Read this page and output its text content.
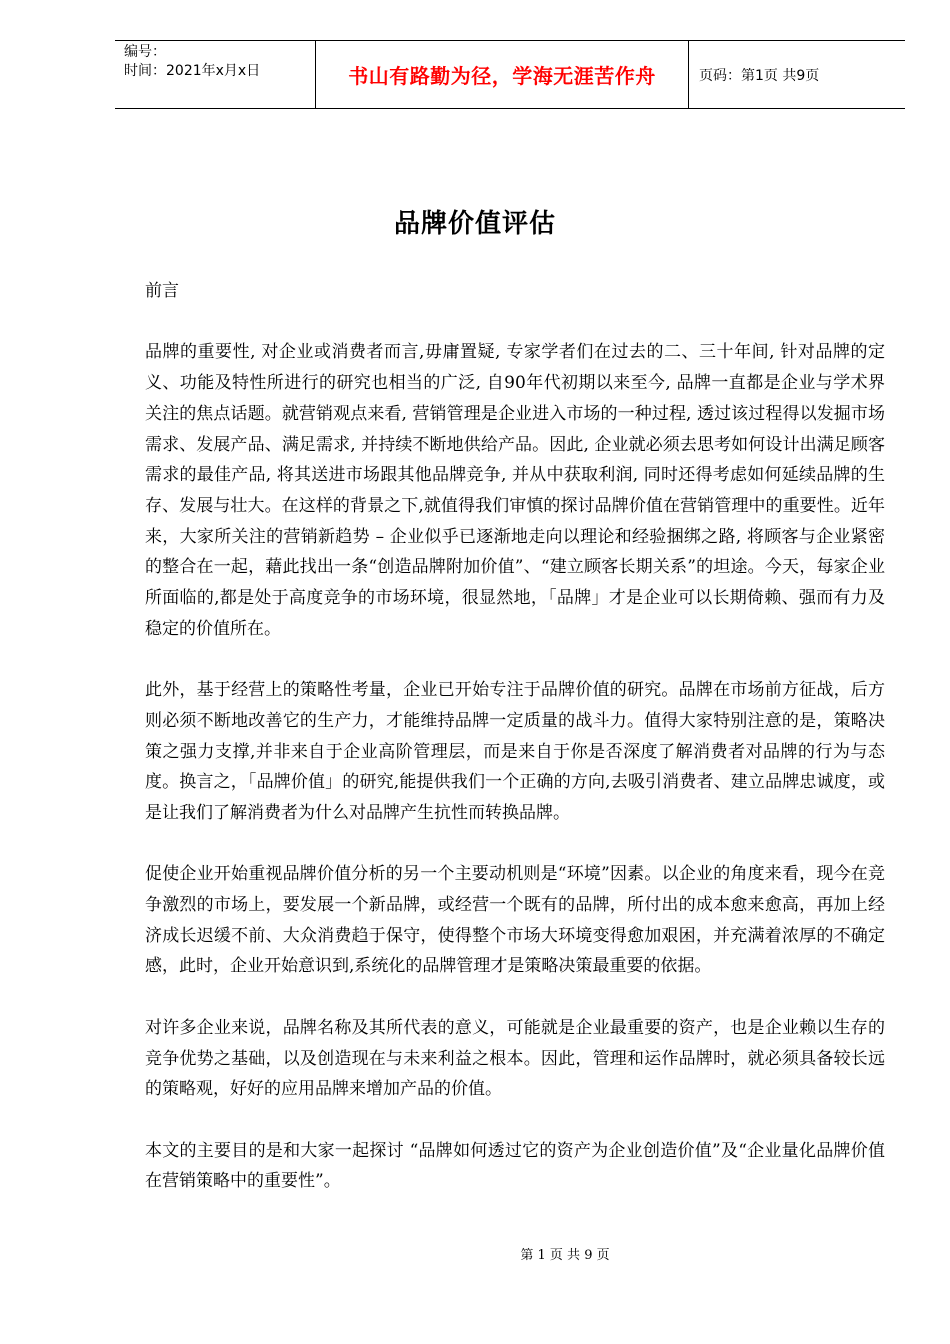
编号：
时间：2021年x月x日	书山有路勤为径，学海无涯苦作舟	页码：第1页 共9页
品牌价值评估

前言

品牌的重要性, 对企业或消费者而言,毋庸置疑, 专家学者们在过去的二、三十年间, 针对品牌的定义、功能及特性所进行的研究也相当的广泛, 自90年代初期以来至今, 品牌一直都是企业与学术界关注的焦点话题。就营销观点来看, 营销管理是企业进入市场的一种过程, 透过该过程得以发掘市场需求、发展产品、满足需求, 并持续不断地供给产品。因此, 企业就必须去思考如何设计出满足顾客需求的最佳产品, 将其送进市场跟其他品牌竞争, 并从中获取利润, 同时还得考虑如何延续品牌的生存、发展与壮大。在这样的背景之下,就值得我们审慎的探讨品牌价值在营销管理中的重要性。近年来，大家所关注的营销新趋势 – 企业似乎已逐渐地走向以理论和经验捆绑之路, 将顾客与企业紧密的整合在一起，藉此找出一条“创造品牌附加价值”、“建立顾客长期关系”的坦途。今天，每家企业所面临的,都是处于高度竞争的市场环境，很显然地，「品牌」才是企业可以长期倚赖、强而有力及稳定的价值所在。

此外，基于经营上的策略性考量，企业已开始专注于品牌价值的研究。品牌在市场前方征战，后方则必须不断地改善它的生产力，才能维持品牌一定质量的战斗力。值得大家特别注意的是，策略决策之强力支撑,并非来自于企业高阶管理层，而是来自于你是否深度了解消费者对品牌的行为与态度。换言之，「品牌价值」的研究,能提供我们一个正确的方向,去吸引消费者、建立品牌忠诚度，或是让我们了解消费者为什么对品牌产生抗性而转换品牌。

促使企业开始重视品牌价值分析的另一个主要动机则是“环境”因素。以企业的角度来看，现今在竞争激烈的市场上，要发展一个新品牌，或经营一个既有的品牌，所付出的成本愈来愈高，再加上经济成长迟缓不前、大众消费趋于保守，使得整个市场大环境变得愈加艰困，并充满着浓厚的不确定感，此时，企业开始意识到,系统化的品牌管理才是策略决策最重要的依据。

对许多企业来说，品牌名称及其所代表的意义，可能就是企业最重要的资产，也是企业赖以生存的竞争优势之基础，以及创造现在与未来利益之根本。因此，管理和运作品牌时，就必须具备较长远的策略观，好好的应用品牌来增加产品的价值。

本文的主要目的是和大家一起探讨 “品牌如何透过它的资产为企业创造价值”及“企业量化品牌价值在营销策略中的重要性”。

第 1 页 共 9 页
